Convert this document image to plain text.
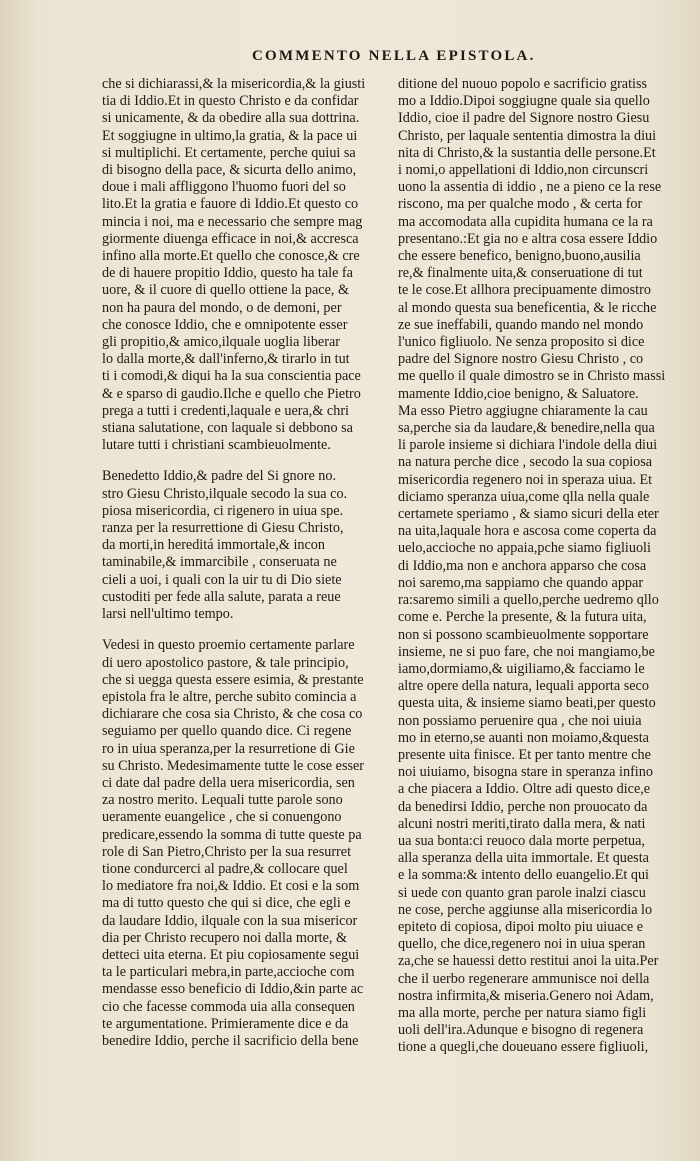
COMMENTO NELLA EPISTOLA.
che si dichiarassi,& la misericordia,& la giusti
tia di Iddio.Et in questo Christo e da confidar
si unicamente, & da obedire alla sua dottrina.
Et soggiugne in ultimo,la gratia, & la pace ui
si multiplichi. Et certamente, perche quiui sa
di bisogno della pace, & sicurta dello animo,
doue i mali affliggono l'huomo fuori del so
lito.Et la gratia e fauore di Iddio.Et questo co
mincia i noi, ma e necessario che sempre mag
giormente diuenga efficace in noi,& accresca
infino alla morte.Et quello che conosce,& cre
de di hauere propitio Iddio, questo ha tale fa
uore, & il cuore di quello ottiene la pace, &
non ha paura del mondo, o de demoni, per
che conosce Iddio, che e omnipotente esser
gli propitio,& amico,ilquale uoglia liberar
lo dalla morte,& dall'inferno,& tirarlo in tut
ti i comodi,& diqui ha la sua conscientia pace
& e sparso di gaudio.Ilche e quello che Pietro
prega a tutti i credenti,laquale e uera,& chri
stiana salutatione, con laquale si debbono sa
lutare tutti i christiani scambieuolmente.
Benedetto Iddio,& padre del Si gnore no.
stro Giesu Christo,ilquale secodo la sua co.
piosa misericordia, ci rigenero in uiua spe.
ranza per la resurrettione di Giesu Christo,
da morti,in hereditá immortale,& incon
taminabile,& immarcibile , conseruata ne
cieli a uoi, i quali con la uir tu di Dio siete
custoditi per fede alla salute, parata a reue
larsi nell'ultimo tempo.
Vedesi in questo proemio certamente parlare
di uero apostolico pastore, & tale principio,
che si uegga questa essere esimia, & prestante
epistola fra le altre, perche subito comincia a
dichiarare che cosa sia Christo, & che cosa co
seguiamo per quello quando dice. Ci regene
ro in uiua speranza,per la resurretione di Gie
su Christo. Medesimamente tutte le cose esser
ci date dal padre della uera misericordia, sen
za nostro merito. Lequali tutte parole sono
ueramente euangelice , che si conuengono
predicare,essendo la somma di tutte queste pa
role di San Pietro,Christo per la sua resurret
tione condurcerci al padre,& collocare quel
lo mediatore fra noi,& Iddio. Et cosi e la som
ma di tutto questo che qui si dice, che egli e
da laudare Iddio, ilquale con la sua misericor
dia per Christo recupero noi dalla morte, &
detteci uita eterna. Et piu copiosamente segui
ta le particulari mebra,in parte,accioche com
mendasse esso beneficio di Iddio,&in parte ac
cio che facesse commoda uia alla consequen
te argumentatione. Primieramente dice e da
benedire Iddio, perche il sacrificio della bene
ditione del nuouo popolo e sacrificio gratiss
mo a Iddio.Dipoi soggiugne quale sia quello
Iddio, cioe il padre del Signore nostro Giesu
Christo, per laquale sententia dimostra la diui
nita di Christo,& la sustantia delle persone.Et
i nomi,o appellationi di Iddio,non circunscri
uono la assentia di iddio , ne a pieno ce la rese
riscono, ma per qualche modo , & certa for
ma accomodata alla cupidita humana ce la ra
presentano.:Et gia no e altra cosa essere Iddio
che essere benefico, benigno,buono,ausilia
re,& finalmente uita,& conseruatione di tut
te le cose.Et allhora precipuamente dimostro
al mondo questa sua beneficentia, & le ricche
ze sue ineffabili, quando mando nel mondo
l'unico figliuolo. Ne senza proposito si dice
padre del Signore nostro Giesu Christo , co
me quello il quale dimostro se in Christo massi
mamente Iddio,cioe benigno, & Saluatore.
Ma esso Pietro aggiugne chiaramente la cau
sa,perche sia da laudare,& benedire,nella qua
li parole insieme si dichiara l'indole della diui
na natura perche dice , secodo la sua copiosa
misericordia regenero noi in speraza uiua. Et
diciamo speranza uiua,come qlla nella quale
certamete speriamo , & siamo sicuri della eter
na uita,laquale hora e ascosa come coperta da
uelo,accioche no appaia,pche siamo figliuoli
di Iddio,ma non e anchora apparso che cosa
noi saremo,ma sappiamo che quando appar
ra:saremo simili a quello,perche uedremo qllo
come e. Perche la presente, & la futura uita,
non si possono scambieuolmente sopportare
insieme, ne si puo fare, che noi mangiamo,be
iamo,dormiamo,& uigiliamo,& facciamo le
altre opere della natura, lequali apporta seco
questa uita, & insieme siamo beati,per questo
non possiamo peruenire qua , che noi uiuia
mo in eterno,se auanti non moiamo,&questa
presente uita finisce. Et per tanto mentre che
noi uiuiamo, bisogna stare in speranza infino
a che piacera a Iddio. Oltre adi questo dice,e
da benedirsi Iddio, perche non prouocato da
alcuni nostri meriti,tirato dalla mera, & nati
ua sua bonta:ci reuoco dala morte perpetua,
alla speranza della uita immortale. Et questa
e la somma:& intento dello euangelio.Et qui
si uede con quanto gran parole inalzi ciascu
ne cose, perche aggiunse alla misericordia lo
epiteto di copiosa, dipoi molto piu uiuace e
quello, che dice,regenero noi in uiua speran
za,che se hauessi detto restitui anoi la uita.Per
che il uerbo regenerare ammunisce noi della
nostra infirmita,& miseria.Genero noi Adam,
ma alla morte, perche per natura siamo figli
uoli dell'ira.Adunque e bisogno di regenera
tione a quegli,che doueuano essere figliuoli,
